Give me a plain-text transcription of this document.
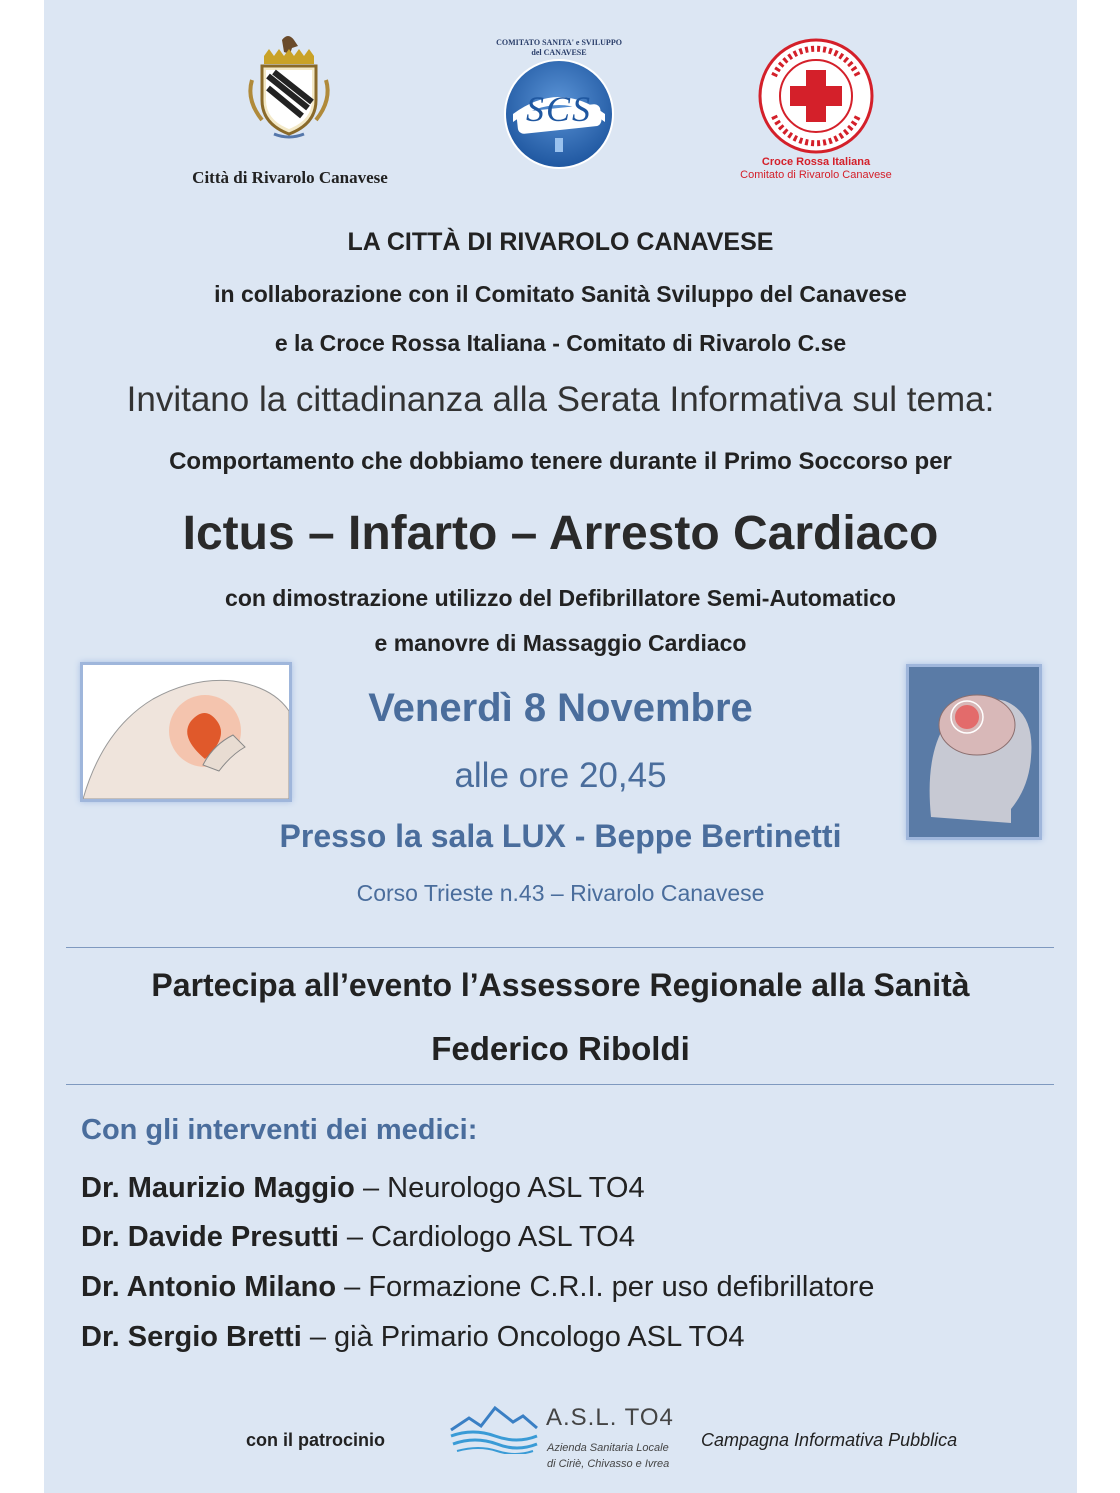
Città di Rivarolo Canavese
COMITATO SANITA' e SVILUPPO
del CANAVESE
SCS
Croce Rossa Italiana
Comitato di Rivarolo Canavese
LA CITTÀ DI RIVAROLO CANAVESE
in collaborazione con il Comitato Sanità Sviluppo del Canavese
e la Croce Rossa Italiana - Comitato di Rivarolo C.se
Invitano la cittadinanza alla Serata Informativa sul tema:
Comportamento che dobbiamo tenere durante il Primo Soccorso per
Ictus – Infarto – Arresto Cardiaco
con dimostrazione utilizzo del Defibrillatore Semi-Automatico
e manovre di Massaggio Cardiaco
Venerdì 8 Novembre
alle ore 20,45
Presso la sala LUX - Beppe Bertinetti
Corso Trieste n.43 – Rivarolo Canavese
Partecipa all’evento l’Assessore Regionale alla Sanità
Federico Riboldi
Con gli interventi dei medici:
Dr. Maurizio Maggio – Neurologo ASL TO4
Dr. Davide Presutti – Cardiologo ASL TO4
Dr. Antonio Milano – Formazione C.R.I. per uso defibrillatore
Dr. Sergio Bretti – già Primario Oncologo ASL TO4
con il patrocinio
A.S.L. TO4
Azienda Sanitaria Locale
di Ciriè, Chivasso e Ivrea
Campagna Informativa Pubblica
